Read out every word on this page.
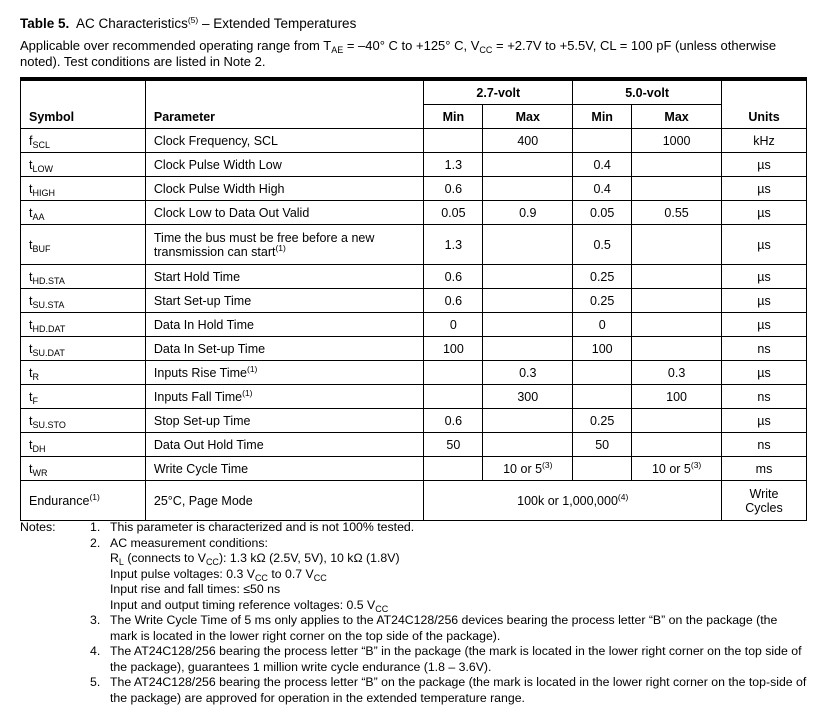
Table 5. AC Characteristics$^{(5)}$ – Extended Temperatures
Applicable over recommended operating range from $T_{AE} = -40^\circ$ C to +125° C, $V_{CC} = +2.7V$ to +5.5V, CL = 100 pF (unless otherwise noted). Test conditions are listed in Note 2.
Symbol	Parameter	2.7-volt		5.0-volt		Units
		Min	Max	Min	Max	
$f_{SCL}$	Clock Frequency, SCL		400		1000	kHz
$t_{LOW}$	Clock Pulse Width Low	1.3		0.4		µs
$t_{HIGH}$	Clock Pulse Width High	0.6		0.4		µs
$t_{AA}$	Clock Low to Data Out Valid	0.05	0.9	0.05	0.55	µs
$t_{BUF}$	Time the bus must be free before a new transmission can start$^{(1)}$	1.3		0.5		µs
$t_{HD.STA}$	Start Hold Time	0.6		0.25		µs
$t_{SU.STA}$	Start Set-up Time	0.6		0.25		µs
$t_{HD.DAT}$	Data In Hold Time	0		0		µs
$t_{SU.DAT}$	Data In Set-up Time	100		100		ns
$t_R$	Inputs Rise Time$^{(1)}$		0.3		0.3	µs
$t_F$	Inputs Fall Time$^{(1)}$		300		100	ns
$t_{SU.STO}$	Stop Set-up Time	0.6		0.25		µs
$t_{DH}$	Data Out Hold Time	50		50		ns
$t_{WR}$	Write Cycle Time		10 or 5$^{(3)}$		10 or 5$^{(3)}$	ms
Endurance$^{(1)}$	25°C, Page Mode	100k or 1,000,000$^{(4)}$				Write
Cycles
Notes:	1. This parameter is characterized and is not 100% tested.
2. AC measurement conditions:
$R_L$ (connects to $V_{CC}$): 1.3 kΩ (2.5V, 5V), 10 kΩ (1.8V)
Input pulse voltages: 0.3 $V_{CC}$ to 0.7 $V_{CC}$
Input rise and fall times: ≤50 ns
Input and output timing reference voltages: 0.5 $V_{CC}$
3. The Write Cycle Time of 5 ms only applies to the AT24C128/256 devices bearing the process letter “B” on the package (the mark is located in the lower right corner on the top side of the package).
4. The AT24C128/256 bearing the process letter “B” in the package (the mark is located in the lower right corner on the top side of the package), guarantees 1 million write cycle endurance (1.8 – 3.6V).
5. The AT24C128/256 bearing the process letter “B” on the package (the mark is located in the lower right corner on the top-side of the package) are approved for operation in the extended temperature range.
